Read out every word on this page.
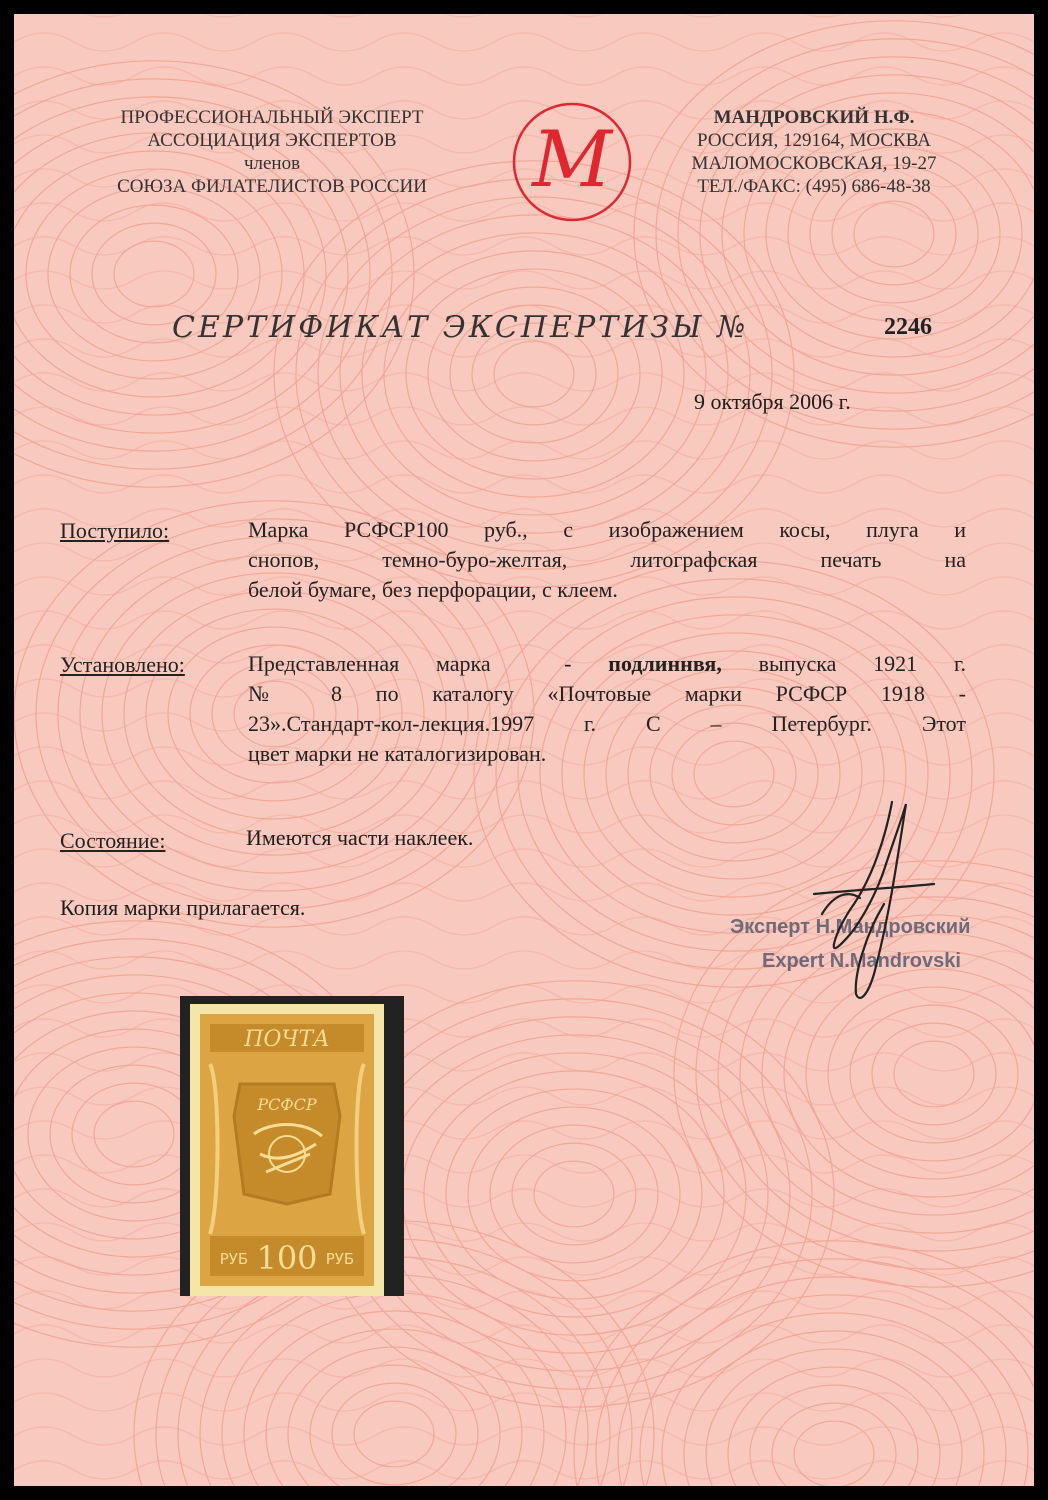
ПРОФЕССИОНАЛЬНЫЙ ЭКСПЕРТ
АССОЦИАЦИЯ ЭКСПЕРТОВ
членов
СОЮЗА ФИЛАТЕЛИСТОВ РОССИИ	M	МАНДРОВСКИЙ Н.Ф.
РОССИЯ, 129164, МОСКВА
МАЛОМОСКОВСКАЯ, 19-27
ТЕЛ./ФАКС: (495) 686-48-38
СЕРТИФИКАТ ЭКСПЕРТИЗЫ №	2246
9 октября 2006 г.
Поступило:	Марка РСФСР100 руб., с изображением косы, плуга и
снопов, темно-буро-желтая, литографская печать на
белой бумаге, без перфорации, с клеем.
Установлено:	Представленная марка  - подлиннвя, выпуска 1921 г.
№ 8 по каталогу «Почтовые марки РСФСР 1918 -
23».Стандарт-кол-лекция.1997 г. С – Петербург. Этот
цвет марки не каталогизирован.
Состояние:	Имеются части наклеек.
Копия марки прилагается.
Эксперт Н.Мандровский
Expert N.Mandrovski
ПОЧТА
РСФСР
РУБ 100 РУБ
